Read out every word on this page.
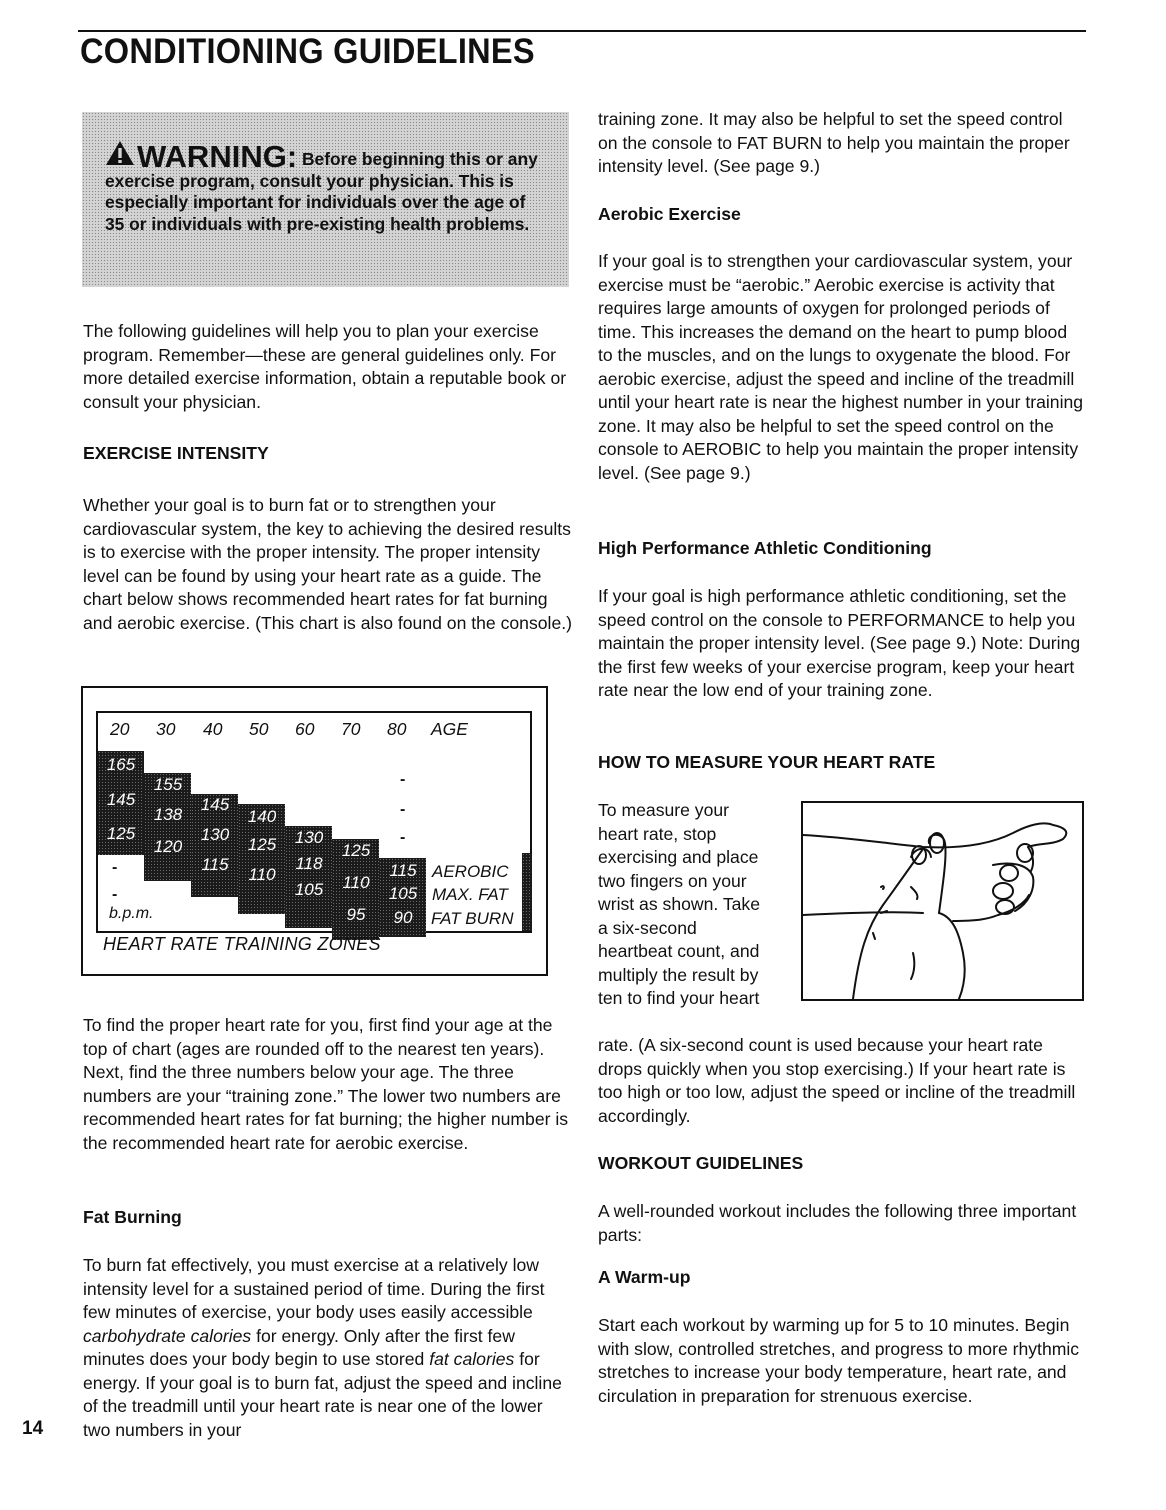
CONDITIONING GUIDELINES
WARNING: Before beginning this or any exercise program, consult your physician. This is especially important for individuals over the age of 35 or individuals with pre-existing health problems.

The following guidelines will help you to plan your exercise program. Remember—these are general guidelines only. For more detailed exercise information, obtain a reputable book or consult your physician.

EXERCISE INTENSITY

Whether your goal is to burn fat or to strengthen your cardiovascular system, the key to achieving the desired results is to exercise with the proper intensity. The proper intensity level can be found by using your heart rate as a guide. The chart below shows recommended heart rates for fat burning and aerobic exercise. (This chart is also found on the console.)

20 30 40 50 60 70 80 AGE
165
145
125
155
138
120
145
130
115
140
125
110
130
118
105
125
110
95
115
105
90
-
-
-
-
-
b.p.m.
AEROBIC
MAX. FAT
FAT BURN
HEART RATE TRAINING ZONES

To find the proper heart rate for you, first find your age at the top of chart (ages are rounded off to the nearest ten years). Next, find the three numbers below your age. The three numbers are your “training zone.” The lower two numbers are recommended heart rates for fat burning; the higher number is the recommended heart rate for aerobic exercise.

Fat Burning

To burn fat effectively, you must exercise at a relatively low intensity level for a sustained period of time. During the first few minutes of exercise, your body uses easily accessible carbohydrate calories for energy. Only after the first few minutes does your body begin to use stored fat calories for energy. If your goal is to burn fat, adjust the speed and incline of the treadmill until your heart rate is near one of the lower two numbers in your

14

training zone. It may also be helpful to set the speed control on the console to FAT BURN to help you maintain the proper intensity level. (See page 9.)

Aerobic Exercise

If your goal is to strengthen your cardiovascular system, your exercise must be “aerobic.” Aerobic exercise is activity that requires large amounts of oxygen for prolonged periods of time. This increases the demand on the heart to pump blood to the muscles, and on the lungs to oxygenate the blood. For aerobic exercise, adjust the speed and incline of the treadmill until your heart rate is near the highest number in your training zone. It may also be helpful to set the speed control on the console to AEROBIC to help you maintain the proper intensity level. (See page 9.)

High Performance Athletic Conditioning

If your goal is high performance athletic conditioning, set the speed control on the console to PERFORMANCE to help you maintain the proper intensity level. (See page 9.) Note: During the first few weeks of your exercise program, keep your heart rate near the low end of your training zone.

HOW TO MEASURE YOUR HEART RATE

To measure your heart rate, stop exercising and place two fingers on your wrist as shown. Take a six-second heartbeat count, and multiply the result by ten to find your heart

rate. (A six-second count is used because your heart rate drops quickly when you stop exercising.) If your heart rate is too high or too low, adjust the speed or incline of the treadmill accordingly.

WORKOUT GUIDELINES

A well-rounded workout includes the following three important parts:

A Warm-up

Start each workout by warming up for 5 to 10 minutes. Begin with slow, controlled stretches, and progress to more rhythmic stretches to increase your body temperature, heart rate, and circulation in preparation for strenuous exercise.
